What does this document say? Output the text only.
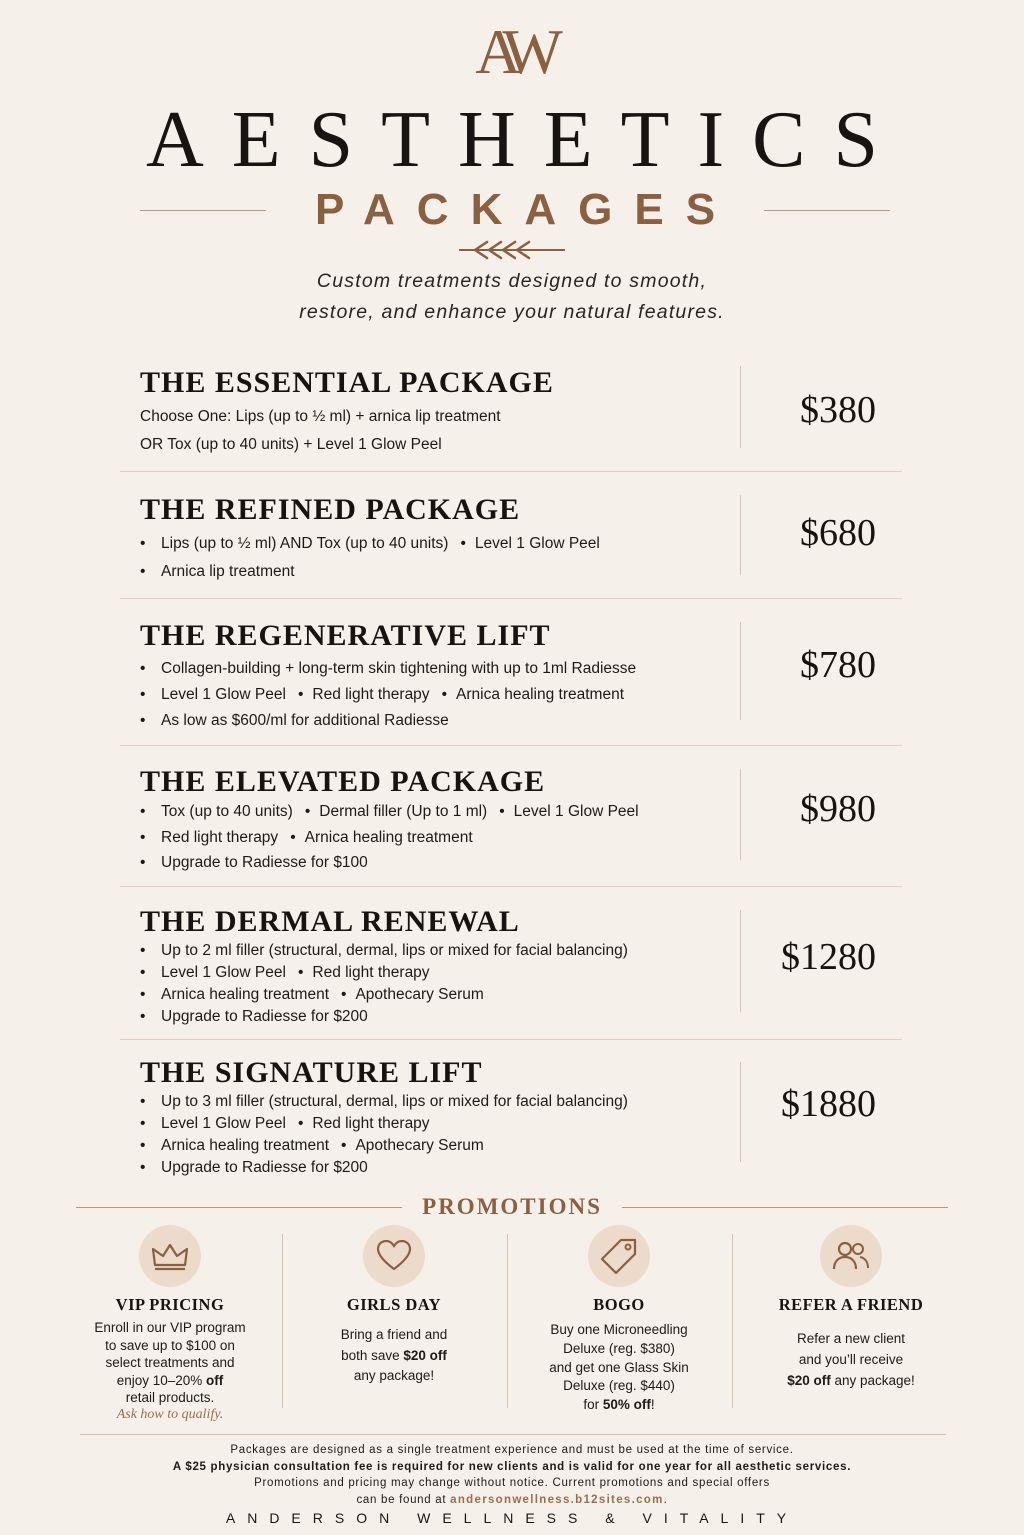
AW
AESTHETICS
PACKAGES
Custom treatments designed to smooth,
restore, and enhance your natural features.
THE ESSENTIAL PACKAGE
Choose One: Lips (up to ½ ml) + arnica lip treatment
OR Tox (up to 40 units) + Level 1 Glow Peel
$380
THE REFINED PACKAGE
• Lips (up to ½ ml) AND Tox (up to 40 units) • Level 1 Glow Peel
• Arnica lip treatment
$680
THE REGENERATIVE LIFT
• Collagen-building + long-term skin tightening with up to 1ml Radiesse
• Level 1 Glow Peel • Red light therapy • Arnica healing treatment
• As low as $600/ml for additional Radiesse
$780
THE ELEVATED PACKAGE
• Tox (up to 40 units) • Dermal filler (Up to 1 ml) • Level 1 Glow Peel
• Red light therapy • Arnica healing treatment
• Upgrade to Radiesse for $100
$980
THE DERMAL RENEWAL
• Up to 2 ml filler (structural, dermal, lips or mixed for facial balancing)
• Level 1 Glow Peel • Red light therapy
• Arnica healing treatment • Apothecary Serum
• Upgrade to Radiesse for $200
$1280
THE SIGNATURE LIFT
• Up to 3 ml filler (structural, dermal, lips or mixed for facial balancing)
• Level 1 Glow Peel • Red light therapy
• Arnica healing treatment • Apothecary Serum
• Upgrade to Radiesse for $200
$1880
PROMOTIONS
VIP PRICING
Enroll in our VIP program
to save up to $100 on
select treatments and
enjoy 10–20% off
retail products.
Ask how to qualify.
GIRLS DAY
Bring a friend and
both save $20 off
any package!
BOGO
Buy one Microneedling
Deluxe (reg. $380)
and get one Glass Skin
Deluxe (reg. $440)
for 50% off!
REFER A FRIEND
Refer a new client
and you’ll receive
$20 off any package!
Packages are designed as a single treatment experience and must be used at the time of service.
A $25 physician consultation fee is required for new clients and is valid for one year for all aesthetic services.
Promotions and pricing may change without notice. Current promotions and special offers
can be found at andersonwellness.b12sites.com.
ANDERSON WELLNESS & VITALITY
